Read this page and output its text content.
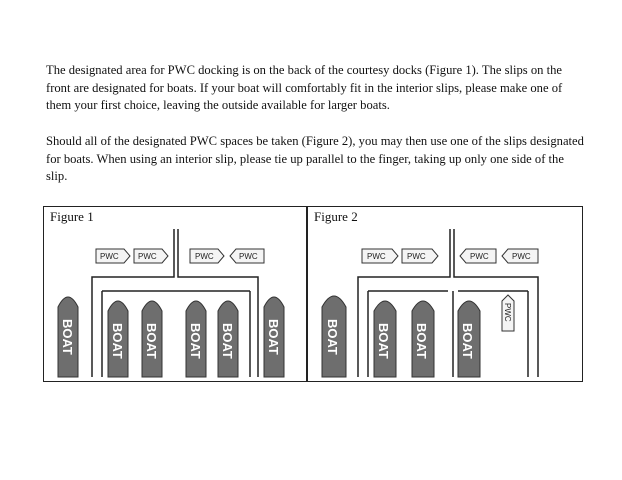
The designated area for PWC docking is on the back of the courtesy docks (Figure 1). The slips on the front are designated for boats. If your boat will comfortably fit in the interior slips, please make one of them your first choice, leaving the outside available for larger boats.

Should all of the designated PWC spaces be taken (Figure 2), you may then use one of the slips designated for boats. When using an interior slip, please tie up parallel to the finger, taking up only one side of the slip.

Figure 1
PWC PWC	PWC	PWC
BOAT	BOAT BOAT BOAT BOAT BOAT
Figure 2
PWC	PWC	PWC	PWC
PWC
BOAT	BOAT BOAT BOAT
